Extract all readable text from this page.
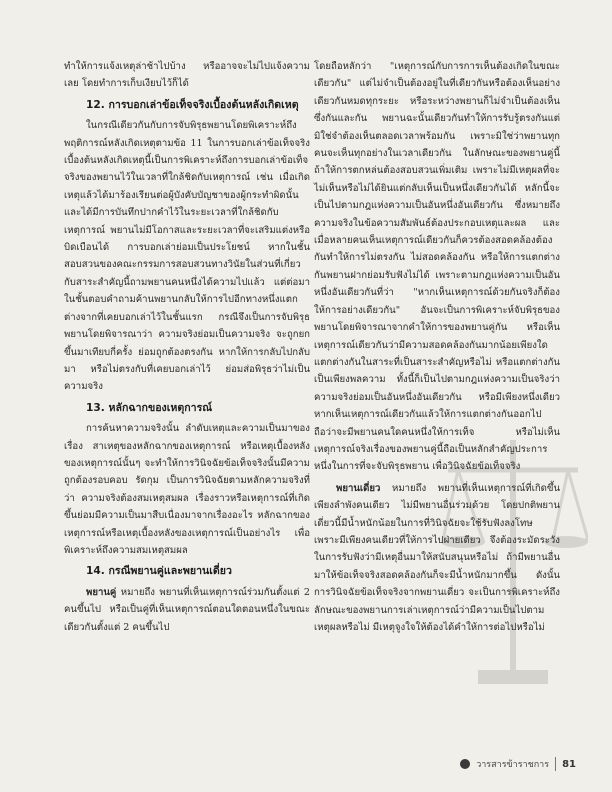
ทำให้การแจ้งเหตุล่าช้าไปบ้าง หรืออาจจะไม่ไปแจ้งความเลย โดยทำการเก็บเงียบไว้ก็ได้

12. การบอกเล่าข้อเท็จจริงเบื้องต้นหลังเกิดเหตุ

ในกรณีเดียวกันกับการจับพิรุธพยานโดยพิเคราะห์ถึงพฤติการณ์หลังเกิดเหตุตามข้อ 11 ในการบอกเล่าข้อเท็จจริงเบื้องต้นหลังเกิดเหตุนี้เป็นการพิเคราะห์ถึงการบอกเล่าข้อเท็จจริงของพยานไว้ในเวลาที่ใกล้ชิดกับเหตุการณ์ เช่น เมื่อเกิดเหตุแล้วได้มาร้องเรียนต่อผู้บังคับบัญชาของผู้กระทำผิดนั้น และได้มีการบันทึกปากคำไว้ในระยะเวลาที่ใกล้ชิดกับเหตุการณ์ พยานไม่มีโอกาสและระยะเวลาที่จะเสริมแต่งหรือบิดเบือนได้ การบอกเล่าย่อมเป็นประโยชน์ หากในชั้นสอบสวนของคณะกรรมการสอบสวนทางวินัยในส่วนที่เกี่ยวกับสาระสำคัญนี้ถามพยานคนหนึ่งได้ความไปแล้ว แต่ต่อมาในชั้นตอบคำถามค้านพยานกลับให้การไปอีกทางหนึ่งแตกต่างจากที่เคยบอกเล่าไว้ในชั้นแรก กรณีจึงเป็นการจับพิรุธพยานโดยพิจารณาว่า ความจริงย่อมเป็นความจริง จะถูกยกขึ้นมาเทียบกี่ครั้ง ย่อมถูกต้องตรงกัน หากให้การกลับไปกลับมา หรือไม่ตรงกับที่เคยบอกเล่าไว้ ย่อมส่อพิรุธว่าไม่เป็นความจริง

13. หลักฉากของเหตุการณ์

การค้นหาความจริงนั้น ลำดับเหตุและความเป็นมาของเรื่อง สาเหตุของหลักฉากของเหตุการณ์ หรือเหตุเบื้องหลังของเหตุการณ์นั้นๆ จะทำให้การวินิจฉัยข้อเท็จจริงนั้นมีความถูกต้องรอบคอบ รัดกุม เป็นการวินิจฉัยตามหลักความจริงที่ว่า ความจริงต้องสมเหตุสมผล เรื่องราวหรือเหตุการณ์ที่เกิดขึ้นย่อมมีความเป็นมาสืบเนื่องมาจากเรื่องอะไร หลักฉากของเหตุการณ์หรือเหตุเบื้องหลังของเหตุการณ์เป็นอย่างไร เพื่อพิเคราะห์ถึงความสมเหตุสมผล

14. กรณีพยานคู่และพยานเดี่ยว

พยานคู่ หมายถึง พยานที่เห็นเหตุการณ์ร่วมกันตั้งแต่ 2 คนขึ้นไป หรือเป็นคู่ที่เห็นเหตุการณ์ตอนใดตอนหนึ่งในขณะเดียวกันตั้งแต่ 2 คนขึ้นไป

โดยถือหลักว่า "เหตุการณ์กับการการเห็นต้องเกิดในขณะเดียวกัน" แต่ไม่จำเป็นต้องอยู่ในที่เดียวกันหรือต้องเห็นอย่างเดียวกันหมดทุกระยะ หรือระหว่างพยานก็ไม่จำเป็นต้องเห็นซึ่งกันและกัน พยานฉะนั้นเดียวกันทำให้การรับรู้ตรงกันแต่มิใช่จำต้องเห็นตลอดเวลาพร้อมกัน เพราะมิใช่ว่าพยานทุกคนจะเห็นทุกอย่างในเวลาเดียวกัน ในลักษณะของพยานคู่นี้ ถ้าให้การตกหล่นต้องสอบสวนเพิ่มเติม เพราะไม่มีเหตุผลที่จะไม่เห็นหรือไม่ได้ยินแต่กลับเห็นเป็นหนึ่งเดียวกันได้ หลักนี้จะเป็นไปตามกฎแห่งความเป็นอันหนึ่งอันเดียวกัน ซึ่งหมายถึงความจริงในข้อความสัมพันธ์ต้องประกอบเหตุและผล และเมื่อหลายคนเห็นเหตุการณ์เดียวกันก็ควรต้องสอดคล้องต้องกันทำให้การไม่ตรงกัน ไม่สอดคล้องกัน หรือให้การแตกต่างกันพยานฝากย่อมรับฟังไม่ได้ เพราะตามกฎแห่งความเป็นอันหนึ่งอันเดียวกันที่ว่า "หากเห็นเหตุการณ์ด้วยกันจริงก็ต้องให้การอย่างเดียวกัน" อันจะเป็นการพิเคราะห์จับพิรุธของพยานโดยพิจารณาจากคำให้การของพยานคู่กัน หรือเห็นเหตุการณ์เดียวกันว่ามีความสอดคล้องกันมากน้อยเพียงใด แตกต่างกันในสาระที่เป็นสาระสำคัญหรือไม่ หรือแตกต่างกันเป็นเพียงพลความ ทั้งนี้ก็เป็นไปตามกฎแห่งความเป็นจริงว่า ความจริงย่อมเป็นอันหนึ่งอันเดียวกัน หรือมีเพียงหนึ่งเดียว หากเห็นเหตุการณ์เดียวกันแล้วให้การแตกต่างกันออกไปถือว่าจะมีพยานคนใดคนหนึ่งให้การเท็จ หรือไม่เห็นเหตุการณ์จริงเรื่องของพยานคู่นี้ถือเป็นหลักสำคัญประการหนึ่งในการที่จะจับพิรุธพยาน เพื่อวินิจฉัยข้อเท็จจริง

พยานเดี่ยว หมายถึง พยานที่เห็นเหตุการณ์ที่เกิดขึ้นเพียงลำพังคนเดียว ไม่มีพยานอื่นร่วมด้วย โดยปกติพยานเดี่ยวนี้มีน้ำหนักน้อยในการที่วินิจฉัยจะใช้รับฟังลงโทษ เพราะมีเพียงคนเดียวที่ให้การไปฝ่ายเดียว จึงต้องระมัดระวังในการรับฟังว่ามีเหตุอื่นมาให้สนับสนุนหรือไม่ ถ้ามีพยานอื่นมาให้ข้อเท็จจริงสอดคล้องกันก็จะมีน้ำหนักมากขึ้น ดังนั้น การวินิจฉัยข้อเท็จจริงจากพยานเดี่ยว จะเป็นการพิเคราะห์ถึงลักษณะของพยานการเล่าเหตุการณ์ว่ามีความเป็นไปตามเหตุผลหรือไม่ มีเหตุจูงใจให้ต้องได้คำให้การต่อไปหรือไม่

วารสารข้าราชการ 81
